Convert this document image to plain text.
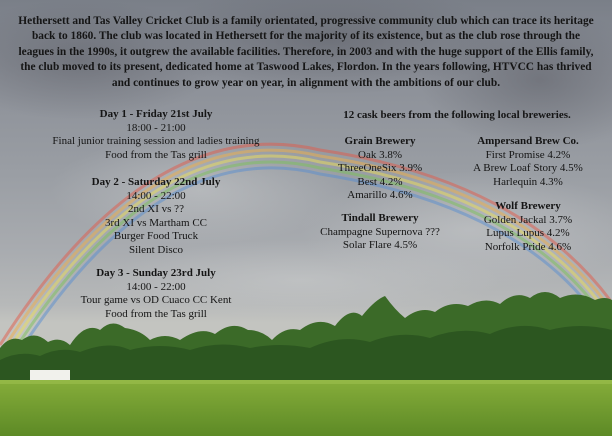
Hethersett and Tas Valley Cricket Club is a family orientated, progressive community club which can trace its heritage back to 1860. The club was located in Hethersett for the majority of its existence, but as the club rose through the leagues in the 1990s, it outgrew the available facilities. Therefore, in 2003 and with the huge support of the Ellis family, the club moved to its present, dedicated home at Taswood Lakes, Flordon. In the years following, HTVCC has thrived and continues to grow year on year, in alignment with the ambitions of our club.
Day 1 - Friday 21st July
18:00 - 21:00
Final junior training session and ladies training
Food from the Tas grill
Day 2 - Saturday 22nd July
14:00 - 22:00
2nd XI vs ??
3rd XI vs Martham CC
Burger Food Truck
Silent Disco
Day 3 - Sunday 23rd July
14:00 - 22:00
Tour game vs OD Cuaco CC Kent
Food from the Tas grill
12 cask beers from the following local breweries.
Grain Brewery
Oak 3.8%
ThreeOneSix 3.9%
Best 4.2%
Amarillo 4.6%
Tindall Brewery
Champagne Supernova ???
Solar Flare 4.5%
Ampersand Brew Co.
First Promise 4.2%
A Brew Loaf Story 4.5%
Harlequin 4.3%
Wolf Brewery
Golden Jackal 3.7%
Lupus Lupus 4.2%
Norfolk Pride 4.6%
